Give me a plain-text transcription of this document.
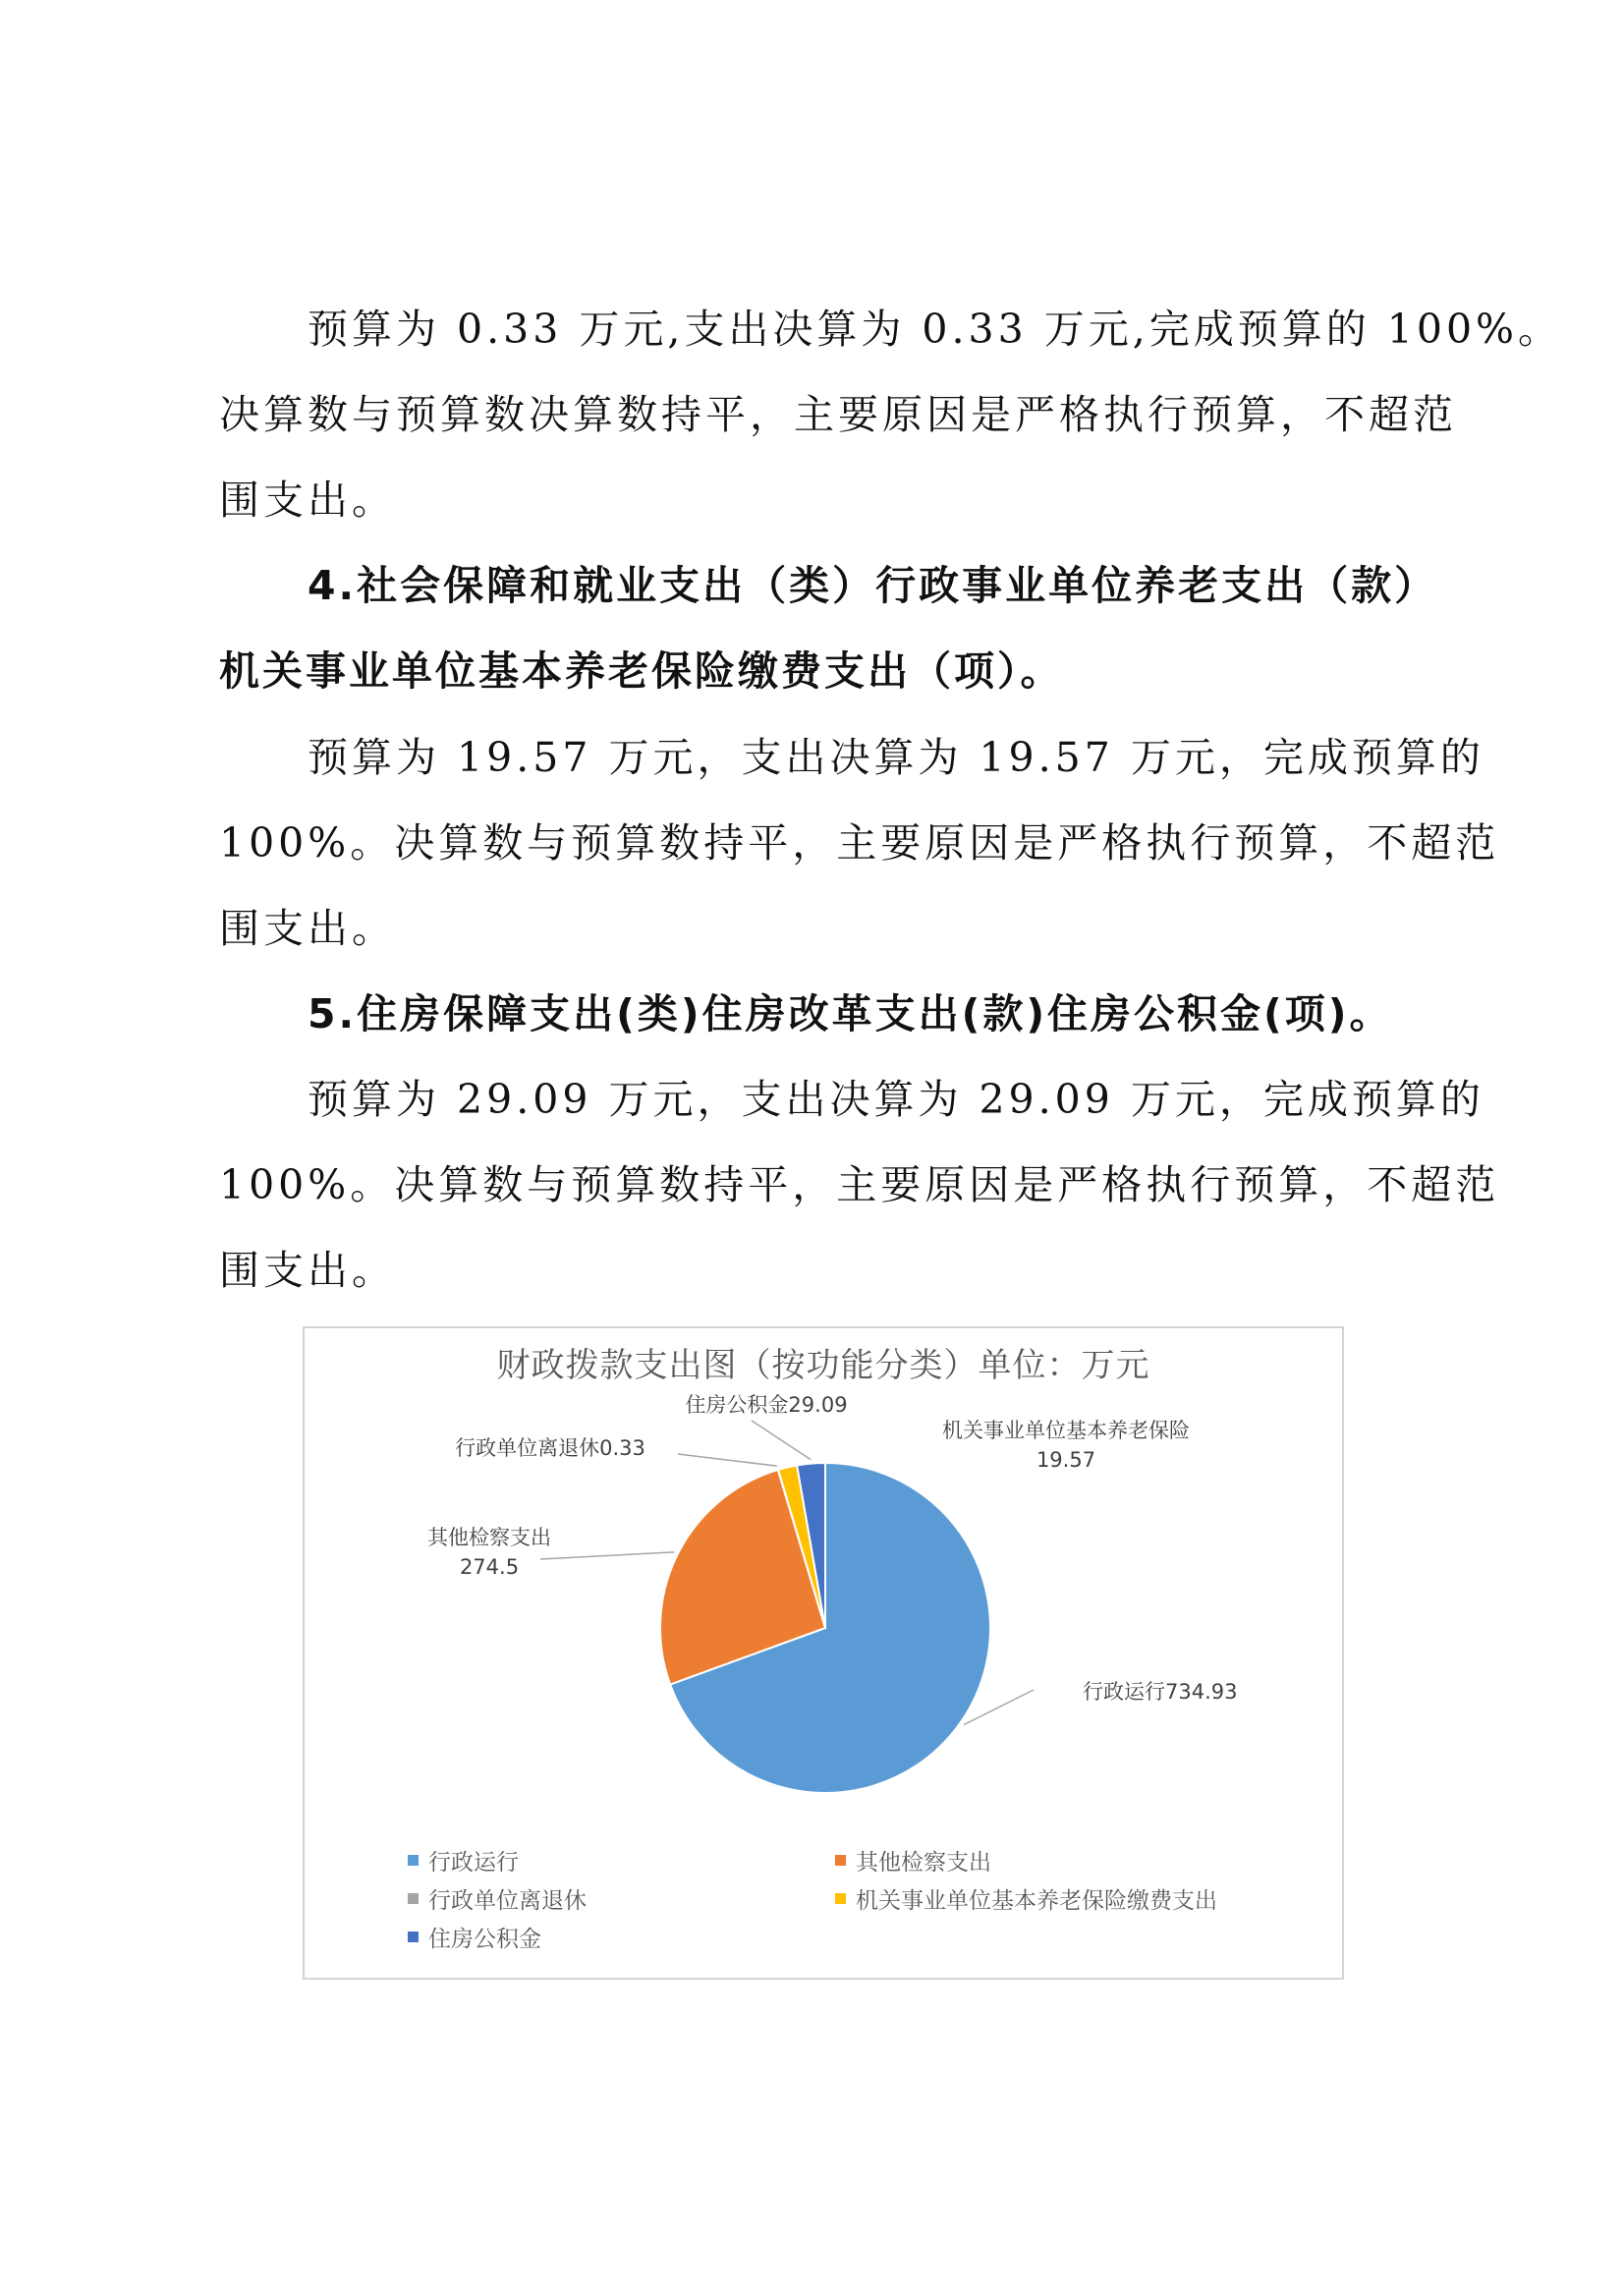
预算为 0.33 万元,支出决算为 0.33 万元,完成预算的 100%。

决算数与预算数决算数持平，主要原因是严格执行预算，不超范

围支出。

4.社会保障和就业支出（类）行政事业单位养老支出（款）

机关事业单位基本养老保险缴费支出（项）。

预算为 19.57 万元，支出决算为 19.57 万元，完成预算的

100%。决算数与预算数持平，主要原因是严格执行预算，不超范

围支出。

5.住房保障支出(类)住房改革支出(款)住房公积金(项)。

预算为 29.09 万元，支出决算为 29.09 万元，完成预算的

100%。决算数与预算数持平，主要原因是严格执行预算，不超范

围支出。

财政拨款支出图（按功能分类）单位：万元

行政运行734.93
其他检察支出 274.5
行政单位离退休0.33
机关事业单位基本养老保险 19.57
住房公积金29.09
行政运行	其他检察支出
行政单位离退休	机关事业单位基本养老保险缴费支出
住房公积金
